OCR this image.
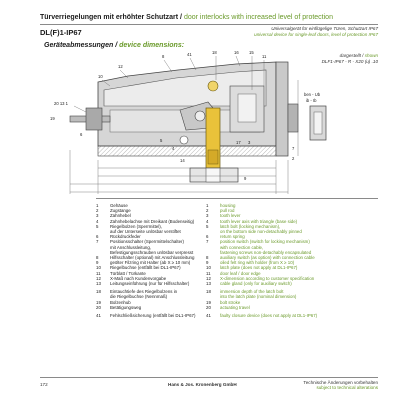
Türverriegelungen mit erhöhter Schutzart / door interlocks with increased level of protection
DL(F)1-IP67	Universalgerät für einflügelige Türen, Schutzart IP67
universal device for single-leaf doors, level of protection IP67
Geräteabmessungen / device dimensions:
dargestellt / shown
DLF1-IP67 - R - X20 (u) .10
ben - Ub
ib - Ib
20 13 1
10
12
8	41	18	16 15
11
6
19
5
4
14
17 3
7
2
9
1	Gehäuse	1	housing
2	Zugstange	2	pull rod
3	Zahnhebel	3	tooth lever
4	Zahnhebelachse mit Dreikant (Bodenseitig)	4	tooth lever axis with triangle (base side)
5	Riegelbolzen (Sperrmittel),	5	latch bolt (locking mechanism),
auf der Unterseite unlösbar verstiftet	on the bottom side non-detachably pinned
6	Rückdruckfeder	6	return spring
7	Positionsschalter (Sperrmittelschalter)	7	position switch (switch for locking mechanism)
mit Anschlussleitung,	with connection cable,
Befestigungsschrauben unlösbar verpresst	fastening screws non-detachably encapsulated
8	Hilfsschalter (optional) mit Anschlussleitung	8	auxiliary switch (as option) with connection cable
9	geölter Filzring mit Halter (ab X ≥ 10 mm)	9	oiled felt ring with holder (from X ≥ 10)
10	Riegelbuchse (entfällt bei DL1-IP67)	10	latch plate (does not apply at DL1-IP67)
11	Türblatt / Türkante	11	door leaf / door edge
12	X-Maß nach Kundenvorgabe	12	X-dimension according to customer specification
13	Leitungseinführung (nur für Hilfsschalter)	13	cable gland (only for auxiliary switch)
18	Eintauchtiefe des Riegelbolzens in	18	immersion depth of the latch bolt
die Riegelbuchse (Nennmaß)	into the latch plate (nominal dimension)
19	Bolzenhub	19	bolt stroke
20	Betätigungsweg	20	actuating travel
41	Fehlschließsicherung (entfällt bei DL1-IP67)	41	faulty closure device (does not apply at DL1-IP67)
172	Hans & Jos. Kronenberg GmbH	Technische Änderungen vorbehalten
subject to technical alterations
